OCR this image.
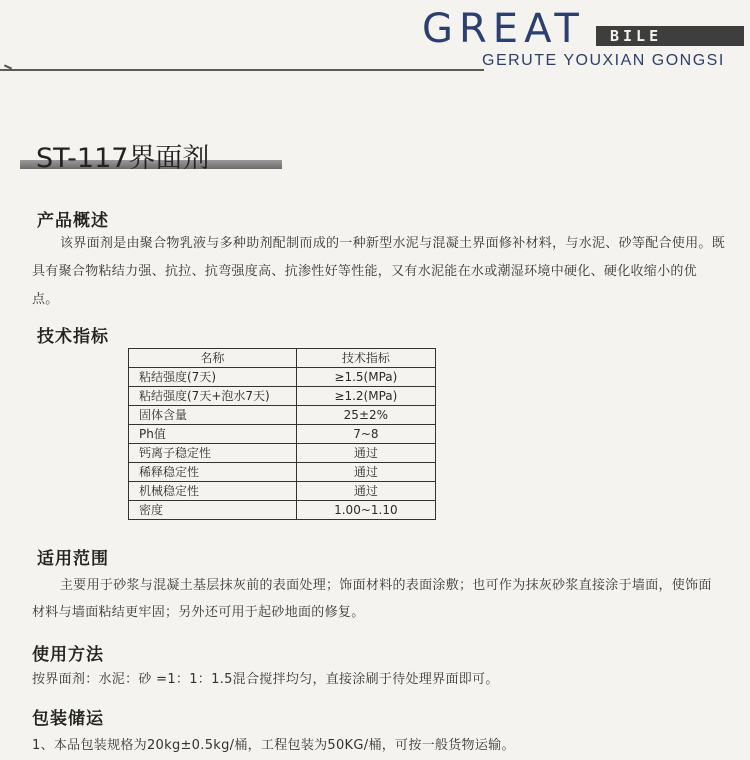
GREAT BILE
GERUTE YOUXIAN GONGSI
ST-117界面剂
产品概述
该界面剂是由聚合物乳液与多种助剂配制而成的一种新型水泥与混凝土界面修补材料，与水泥、砂等配合使用。既
具有聚合物粘结力强、抗拉、抗弯强度高、抗渗性好等性能，又有水泥能在水或潮湿环境中硬化、硬化收缩小的优
点。
技术指标
名称	技术指标
粘结强度(7天)	≥1.5(MPa)
粘结强度(7天+泡水7天)	≥1.2(MPa)
固体含量	25±2%
Ph值	7~8
钙离子稳定性	通过
稀释稳定性	通过
机械稳定性	通过
密度	1.00~1.10
适用范围
主要用于砂浆与混凝土基层抹灰前的表面处理；饰面材料的表面涂敷；也可作为抹灰砂浆直接涂于墙面，使饰面
材料与墙面粘结更牢固；另外还可用于起砂地面的修复。
使用方法
按界面剂：水泥：砂 =1：1：1.5混合搅拌均匀，直接涂刷于待处理界面即可。
包装储运
1、本品包装规格为20kg±0.5kg/桶，工程包装为50KG/桶，可按一般货物运输。
